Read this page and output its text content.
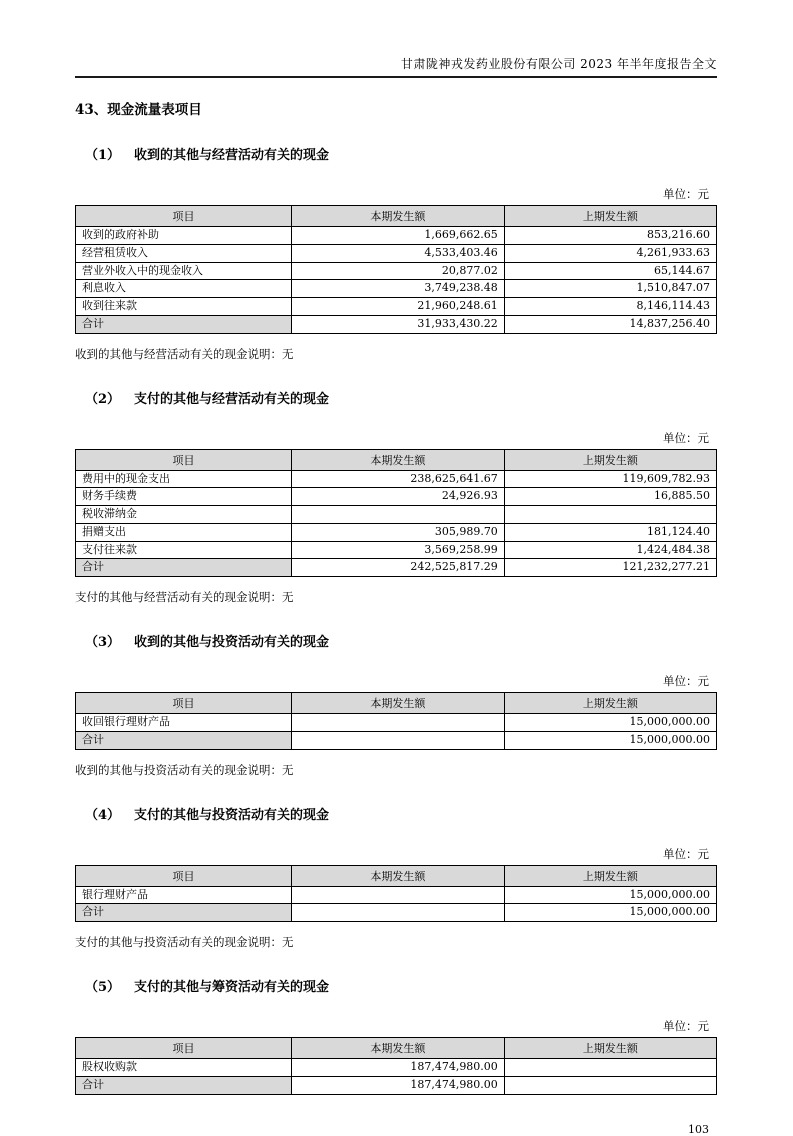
甘肃陇神戎发药业股份有限公司 2023 年半年度报告全文
43、现金流量表项目
（1） 收到的其他与经营活动有关的现金
单位：元
项目	本期发生额	上期发生额
收到的政府补助	1,669,662.65	853,216.60
经营租赁收入	4,533,403.46	4,261,933.63
营业外收入中的现金收入	20,877.02	65,144.67
利息收入	3,749,238.48	1,510,847.07
收到往来款	21,960,248.61	8,146,114.43
合计	31,933,430.22	14,837,256.40
收到的其他与经营活动有关的现金说明：无
（2） 支付的其他与经营活动有关的现金
单位：元
项目	本期发生额	上期发生额
费用中的现金支出	238,625,641.67	119,609,782.93
财务手续费	24,926.93	16,885.50
税收滞纳金		
捐赠支出	305,989.70	181,124.40
支付往来款	3,569,258.99	1,424,484.38
合计	242,525,817.29	121,232,277.21
支付的其他与经营活动有关的现金说明：无
（3） 收到的其他与投资活动有关的现金
单位：元
项目	本期发生额	上期发生额
收回银行理财产品		15,000,000.00
合计		15,000,000.00
收到的其他与投资活动有关的现金说明：无
（4） 支付的其他与投资活动有关的现金
单位：元
项目	本期发生额	上期发生额
银行理财产品		15,000,000.00
合计		15,000,000.00
支付的其他与投资活动有关的现金说明：无
（5） 支付的其他与筹资活动有关的现金
单位：元
项目	本期发生额	上期发生额
股权收购款	187,474,980.00	
合计	187,474,980.00	
103
